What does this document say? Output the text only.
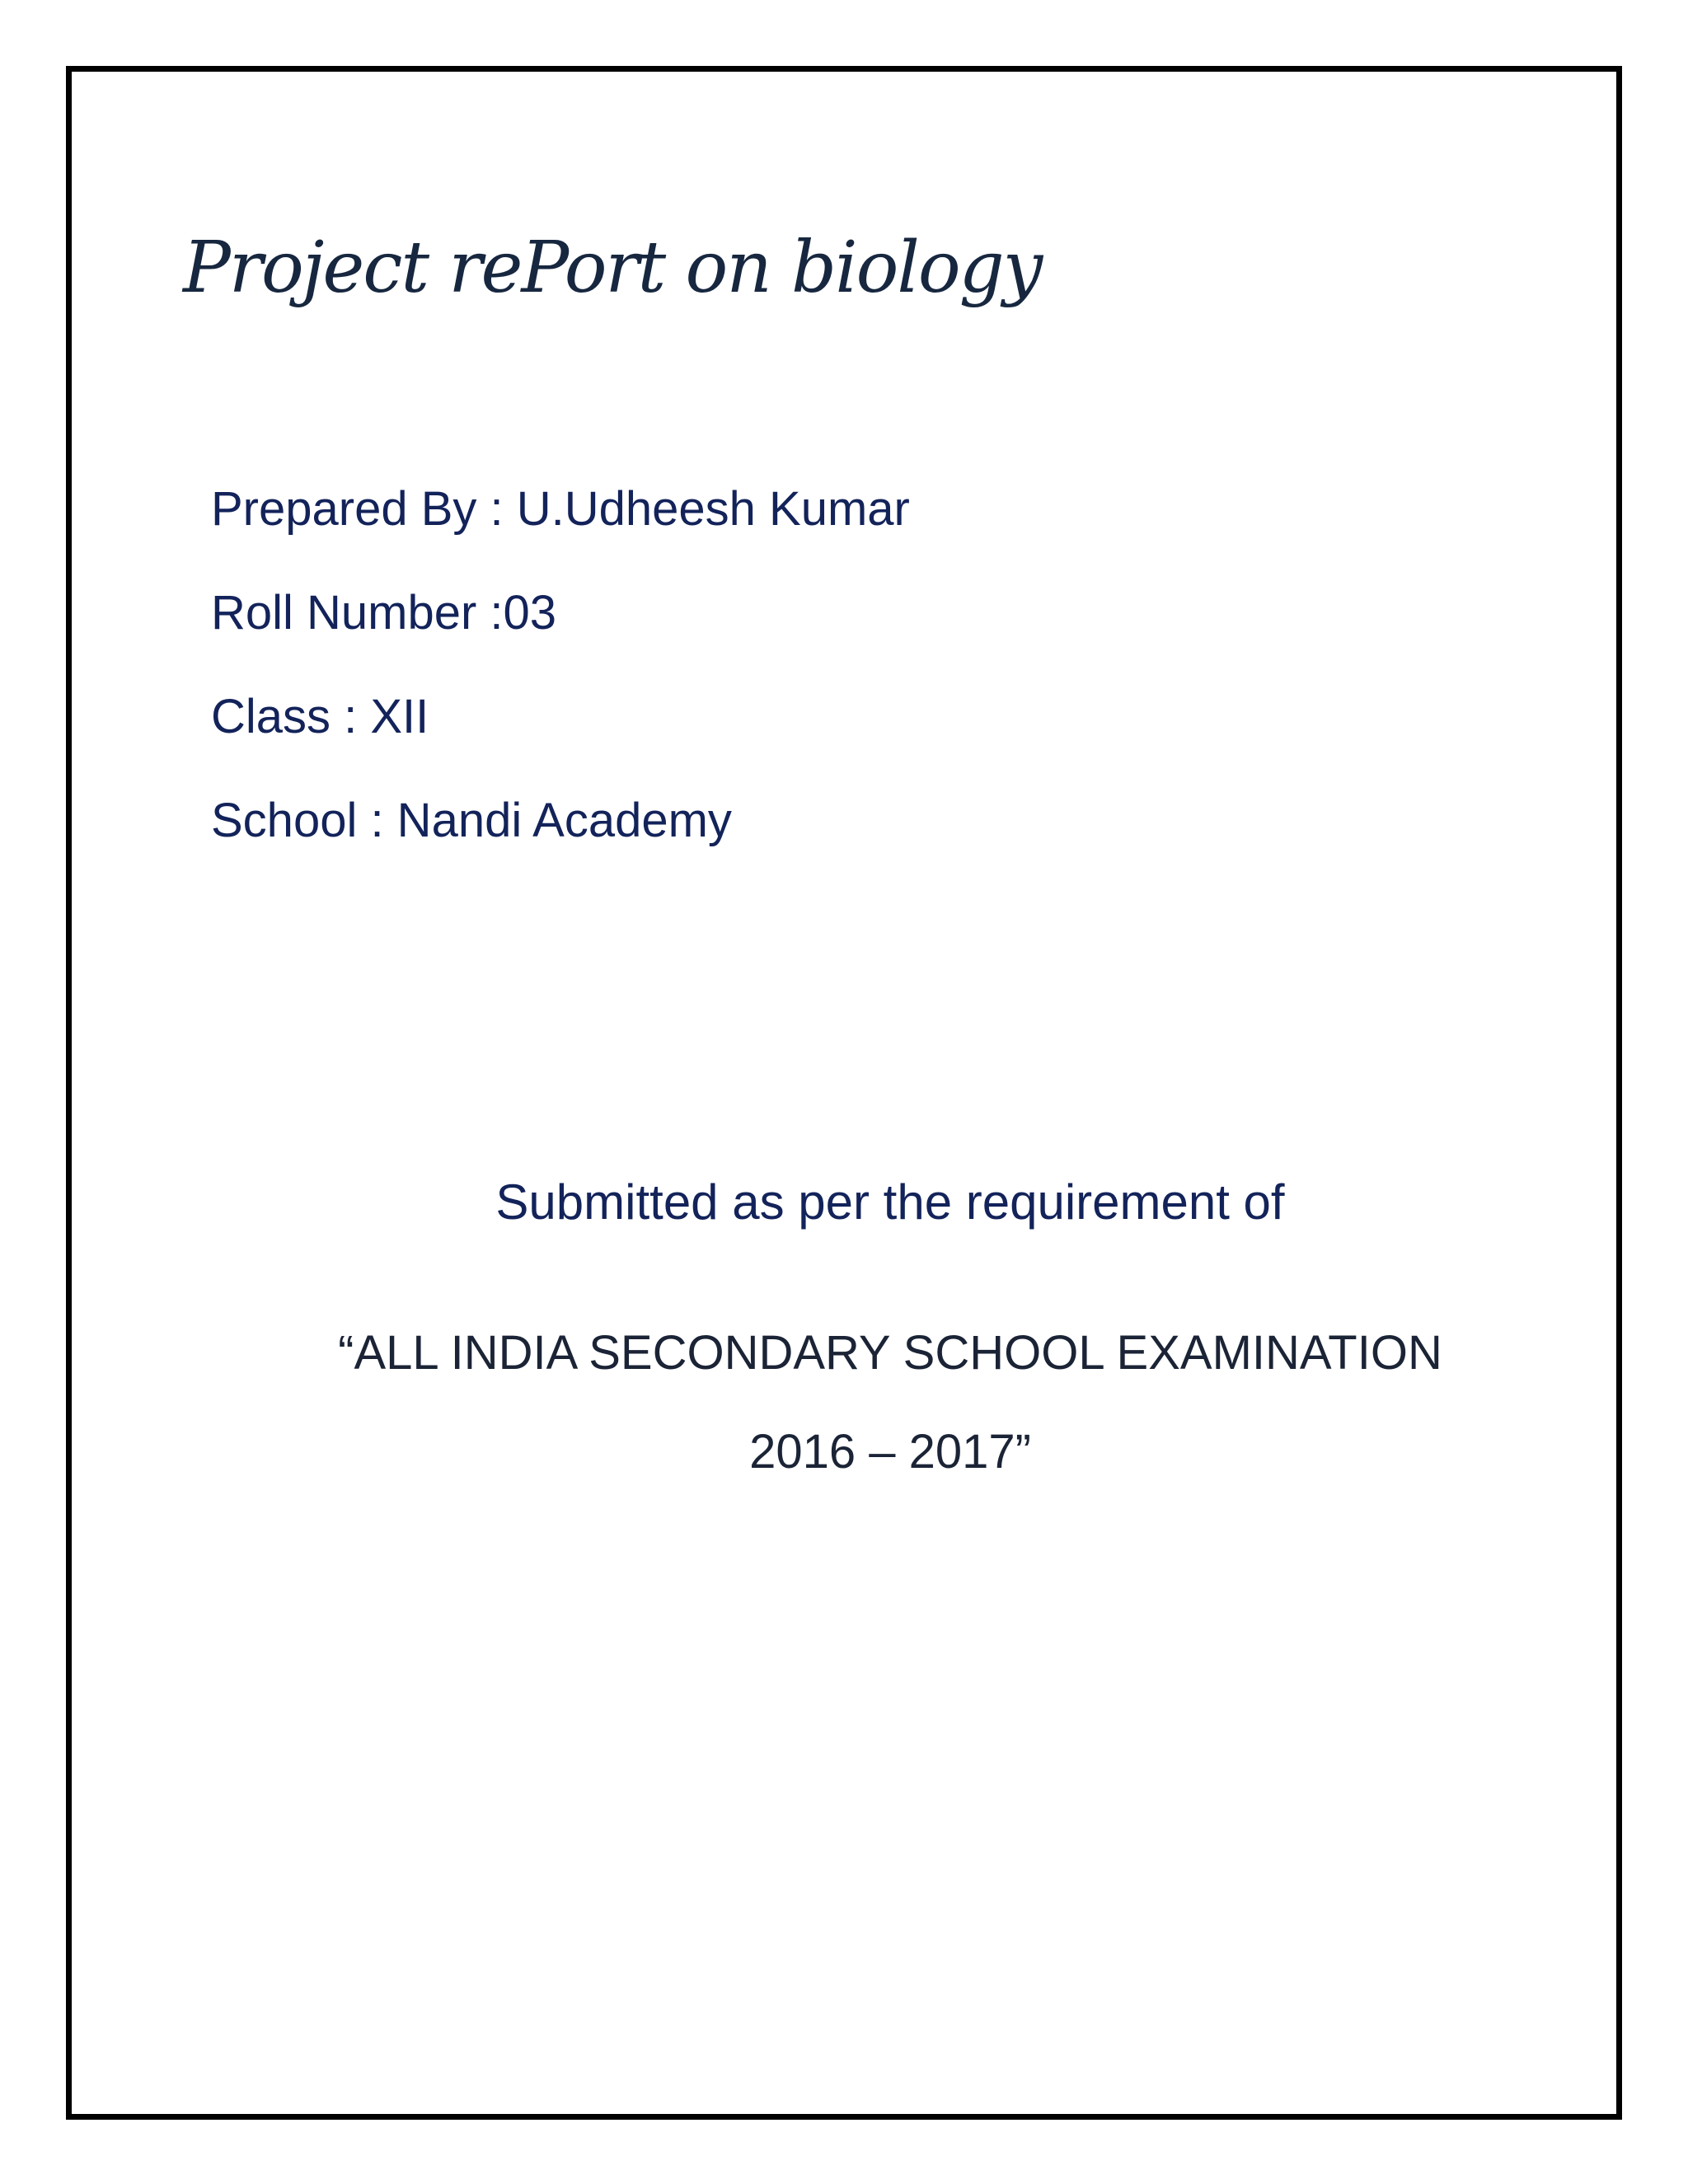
Project rePort on biology
Prepared By : U.Udheesh Kumar
Roll Number :03
Class : XII
School : Nandi Academy
Submitted as per the requirement of
“ALL INDIA SECONDARY SCHOOL EXAMINATION
2016 – 2017”
